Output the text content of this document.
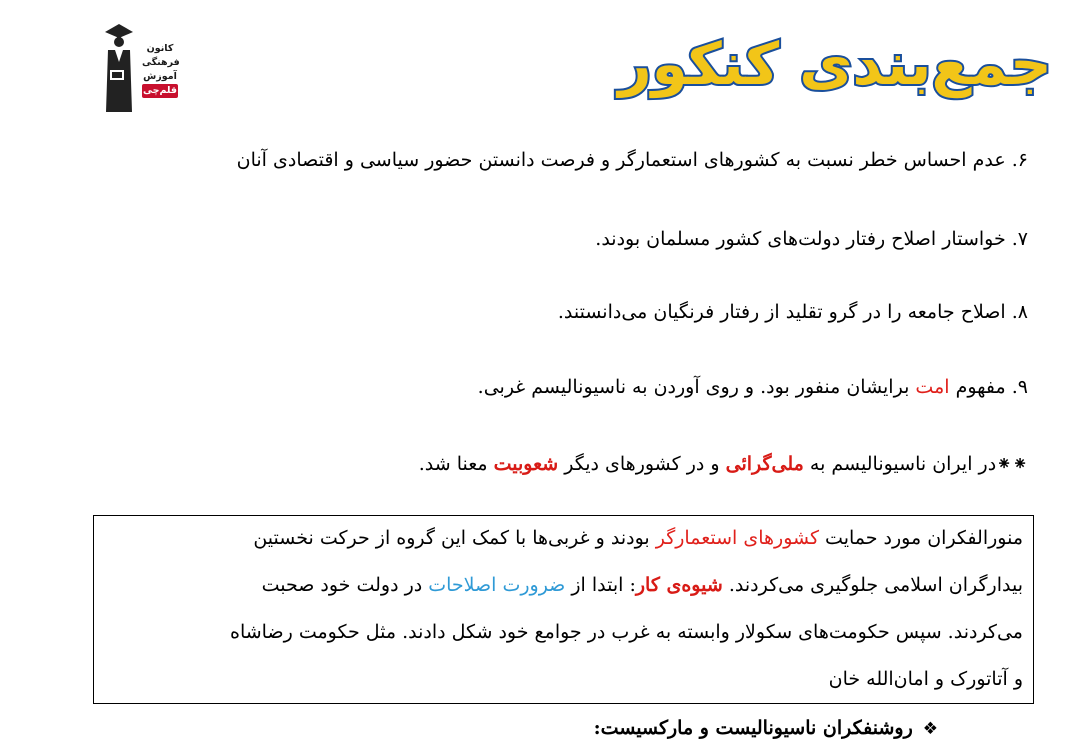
کانون
فرهنگی
آموزش
قلم‌چی	جمع‌بندی کنکور
۶. عدم احساس خطر نسبت به کشورهای استعمارگر و فرصت دانستن حضور سیاسی و اقتصادی آنان
۷. خواستار اصلاح رفتار دولت‌های کشور مسلمان بودند.
۸. اصلاح جامعه را در گرو تقلید از رفتار فرنگیان می‌دانستند.
۹. مفهوم امت برایشان منفور بود. و روی آوردن به ناسیونالیسم غربی.
⁕⁕در ایران ناسیونالیسم به ملی‌گرائی و در کشورهای دیگر شعوبیت معنا شد.
منورالفکران مورد حمایت کشورهای استعمارگر بودند و غربی‌ها با کمک این گروه از حرکت نخستین
بیدارگران اسلامی جلوگیری می‌کردند. شیوه‌ی کار: ابتدا از ضرورت اصلاحات در دولت خود صحبت
می‌کردند. سپس حکومت‌های سکولار وابسته به غرب در جوامع خود شکل دادند. مثل حکومت رضاشاه
و آتاتورک و امان‌الله خان
❖روشنفکران ناسیونالیست و مارکسیست:
